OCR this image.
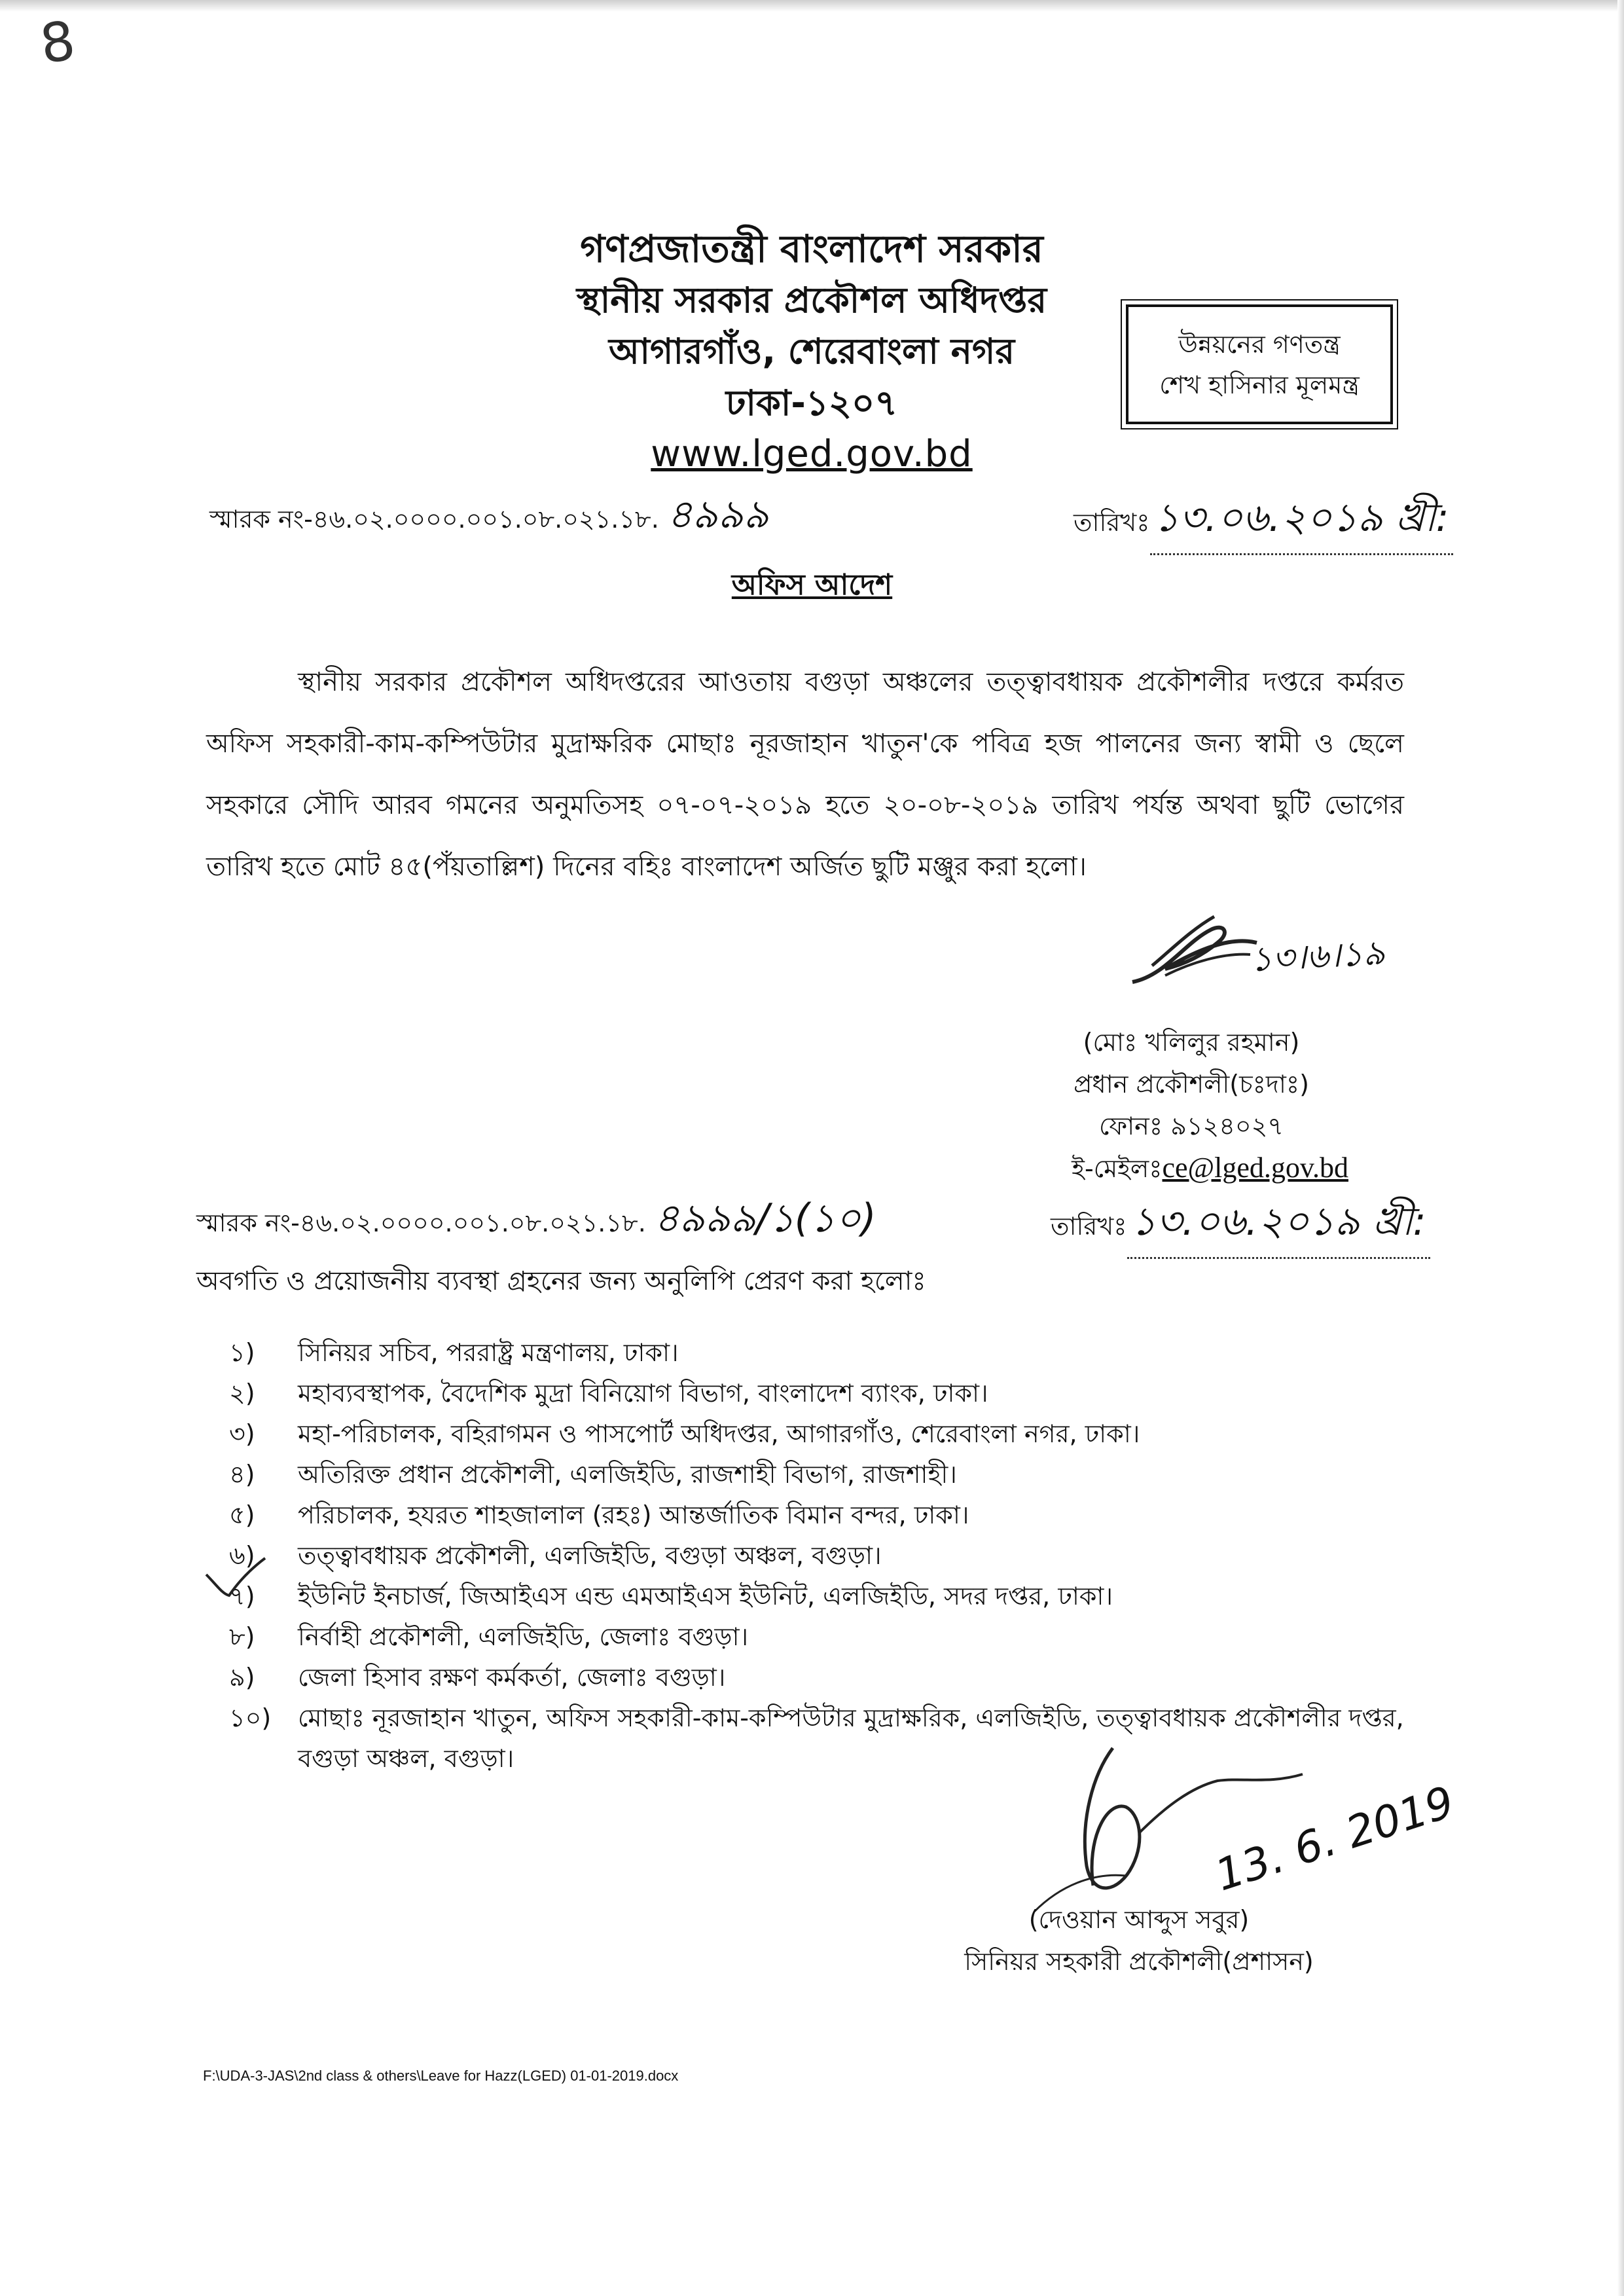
8
গণপ্রজাতন্ত্রী বাংলাদেশ সরকার
স্থানীয় সরকার প্রকৌশল অধিদপ্তর
আগারগাঁও, শেরেবাংলা নগর
ঢাকা-১২০৭
www.lged.gov.bd
উন্নয়নের গণতন্ত্র
শেখ হাসিনার মূলমন্ত্র
স্মারক নং-৪৬.০২.০০০০.০০১.০৮.০২১.১৮. ৪৯৯৯	তারিখঃ ১৩.০৬.২০১৯ খ্রী:
অফিস আদেশ
স্থানীয় সরকার প্রকৌশল অধিদপ্তরের আওতায় বগুড়া অঞ্চলের তত্ত্বাবধায়ক প্রকৌশলীর দপ্তরে কর্মরত অফিস সহকারী-কাম-কম্পিউটার মুদ্রাক্ষরিক মোছাঃ নূরজাহান খাতুন'কে পবিত্র হজ পালনের জন্য স্বামী ও ছেলে সহকারে সৌদি আরব গমনের অনুমতিসহ ০৭-০৭-২০১৯ হতে ২০-০৮-২০১৯ তারিখ পর্যন্ত অথবা ছুটি ভোগের তারিখ হতে মোট ৪৫(পঁয়তাল্লিশ) দিনের বহিঃ বাংলাদেশ অর্জিত ছুটি মঞ্জুর করা হলো।
১৩।৬।১৯
(মোঃ খলিলুর রহমান)
প্রধান প্রকৌশলী(চঃদাঃ)
ফোনঃ ৯১২৪০২৭
ই-মেইলঃce@lged.gov.bd
স্মারক নং-৪৬.০২.০০০০.০০১.০৮.০২১.১৮. ৪৯৯৯/১(১০)	তারিখঃ ১৩.০৬.২০১৯ খ্রী:
অবগতি ও প্রয়োজনীয় ব্যবস্থা গ্রহনের জন্য অনুলিপি প্রেরণ করা হলোঃ
১)	সিনিয়র সচিব, পররাষ্ট্র মন্ত্রণালয়, ঢাকা।
২)	মহাব্যবস্থাপক, বৈদেশিক মুদ্রা বিনিয়োগ বিভাগ, বাংলাদেশ ব্যাংক, ঢাকা।
৩)	মহা-পরিচালক, বহিরাগমন ও পাসপোর্ট অধিদপ্তর, আগারগাঁও, শেরেবাংলা নগর, ঢাকা।
৪)	অতিরিক্ত প্রধান প্রকৌশলী, এলজিইডি, রাজশাহী বিভাগ, রাজশাহী।
৫)	পরিচালক, হযরত শাহজালাল (রহঃ) আন্তর্জাতিক বিমান বন্দর, ঢাকা।
৬)	তত্ত্বাবধায়ক প্রকৌশলী, এলজিইডি, বগুড়া অঞ্চল, বগুড়া।
৭)	ইউনিট ইনচার্জ, জিআইএস এন্ড এমআইএস ইউনিট, এলজিইডি, সদর দপ্তর, ঢাকা।
৮)	নির্বাহী প্রকৌশলী, এলজিইডি, জেলাঃ বগুড়া।
৯)	জেলা হিসাব রক্ষণ কর্মকর্তা, জেলাঃ বগুড়া।
১০)	মোছাঃ নূরজাহান খাতুন, অফিস সহকারী-কাম-কম্পিউটার মুদ্রাক্ষরিক, এলজিইডি, তত্ত্বাবধায়ক প্রকৌশলীর দপ্তর, বগুড়া অঞ্চল, বগুড়া।
13. 6. 2019
(দেওয়ান আব্দুস সবুর)
সিনিয়র সহকারী প্রকৌশলী(প্রশাসন)
F:\UDA-3-JAS\2nd class & others\Leave for Hazz(LGED) 01-01-2019.docx
